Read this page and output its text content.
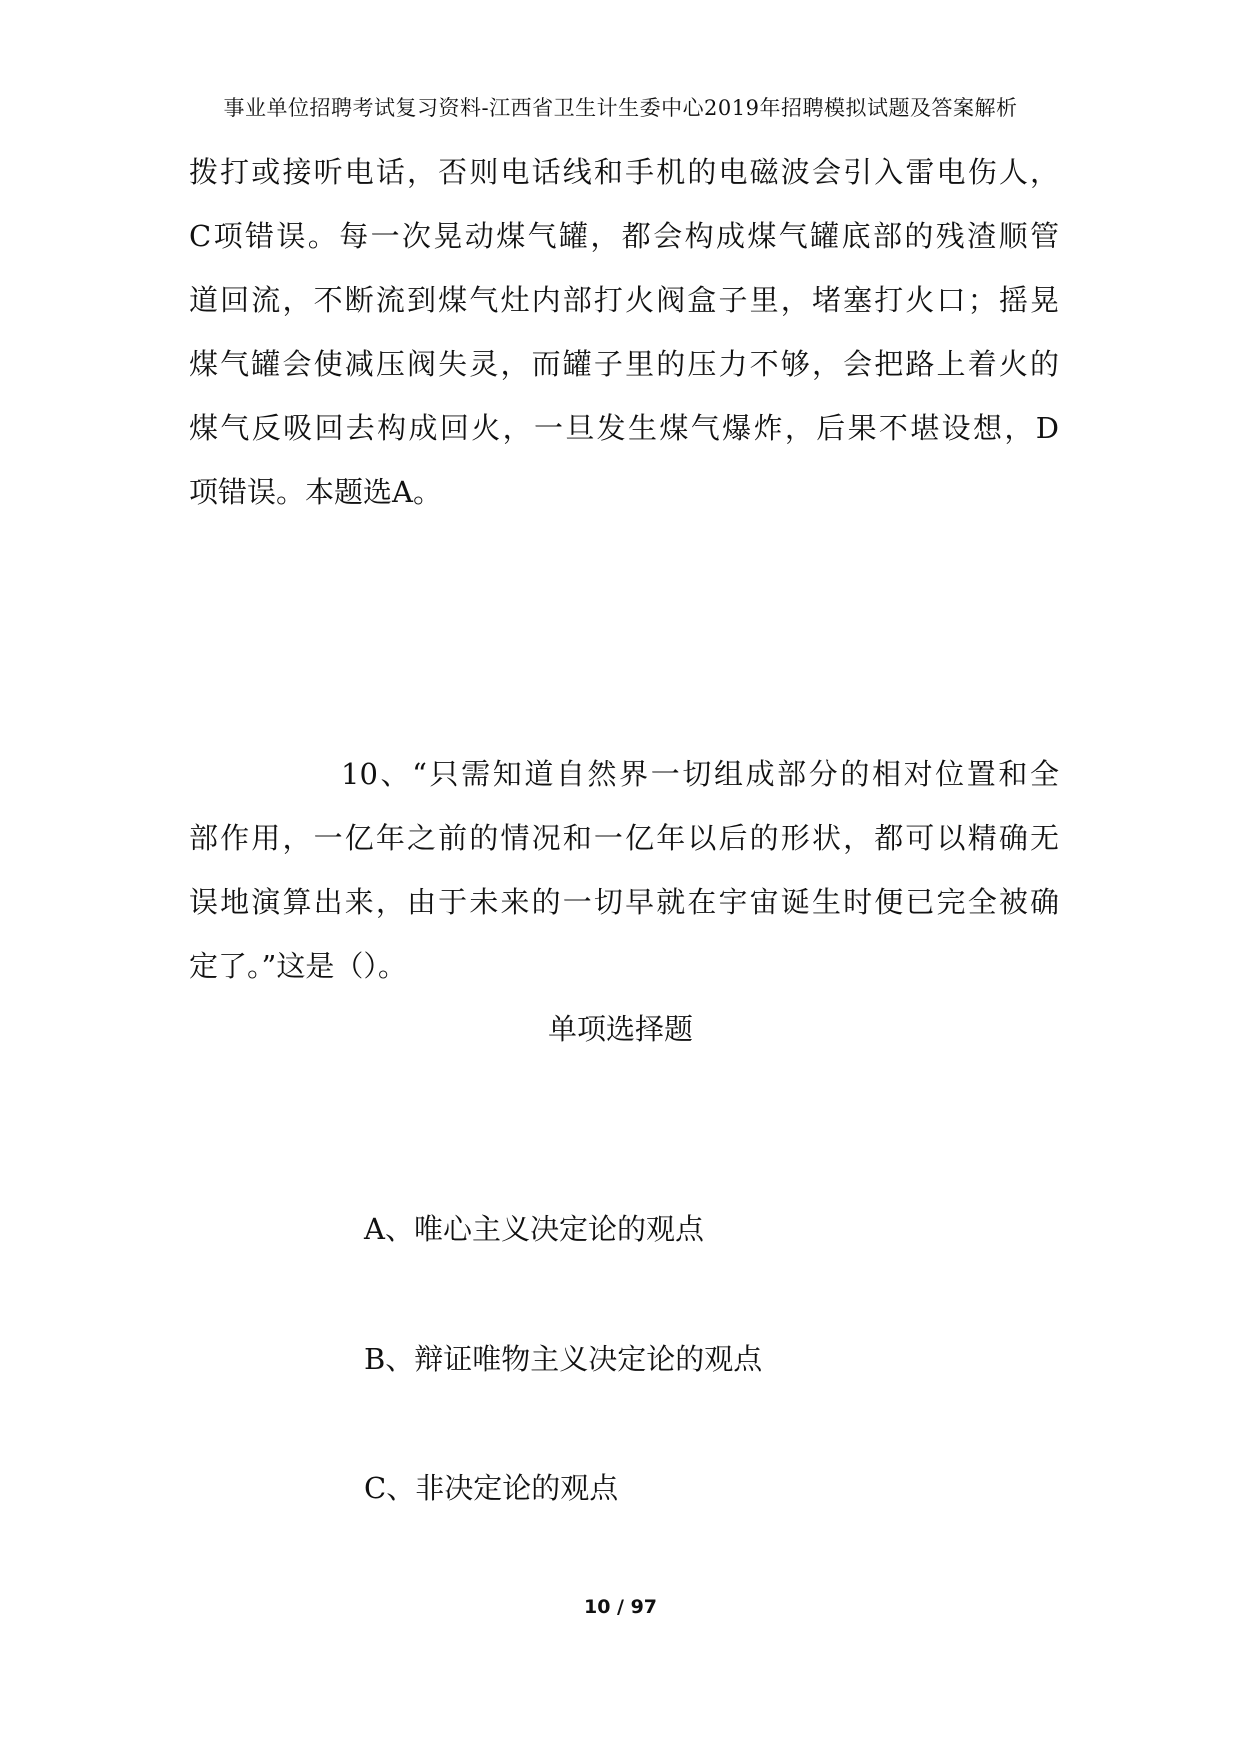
事业单位招聘考试复习资料-江西省卫生计生委中心2019年招聘模拟试题及答案解析
拨打或接听电话，否则电话线和手机的电磁波会引入雷电伤人，
C项错误。每一次晃动煤气罐，都会构成煤气罐底部的残渣顺管
道回流，不断流到煤气灶内部打火阀盒子里，堵塞打火口；摇晃
煤气罐会使减压阀失灵，而罐子里的压力不够，会把路上着火的
煤气反吸回去构成回火，一旦发生煤气爆炸，后果不堪设想，D
项错误。本题选A。
10、“只需知道自然界一切组成部分的相对位置和全
部作用，一亿年之前的情况和一亿年以后的形状，都可以精确无
误地演算出来，由于未来的一切早就在宇宙诞生时便已完全被确
定了。”这是（）。
单项选择题
A、唯心主义决定论的观点
B、辩证唯物主义决定论的观点
C、非决定论的观点
10 / 97
